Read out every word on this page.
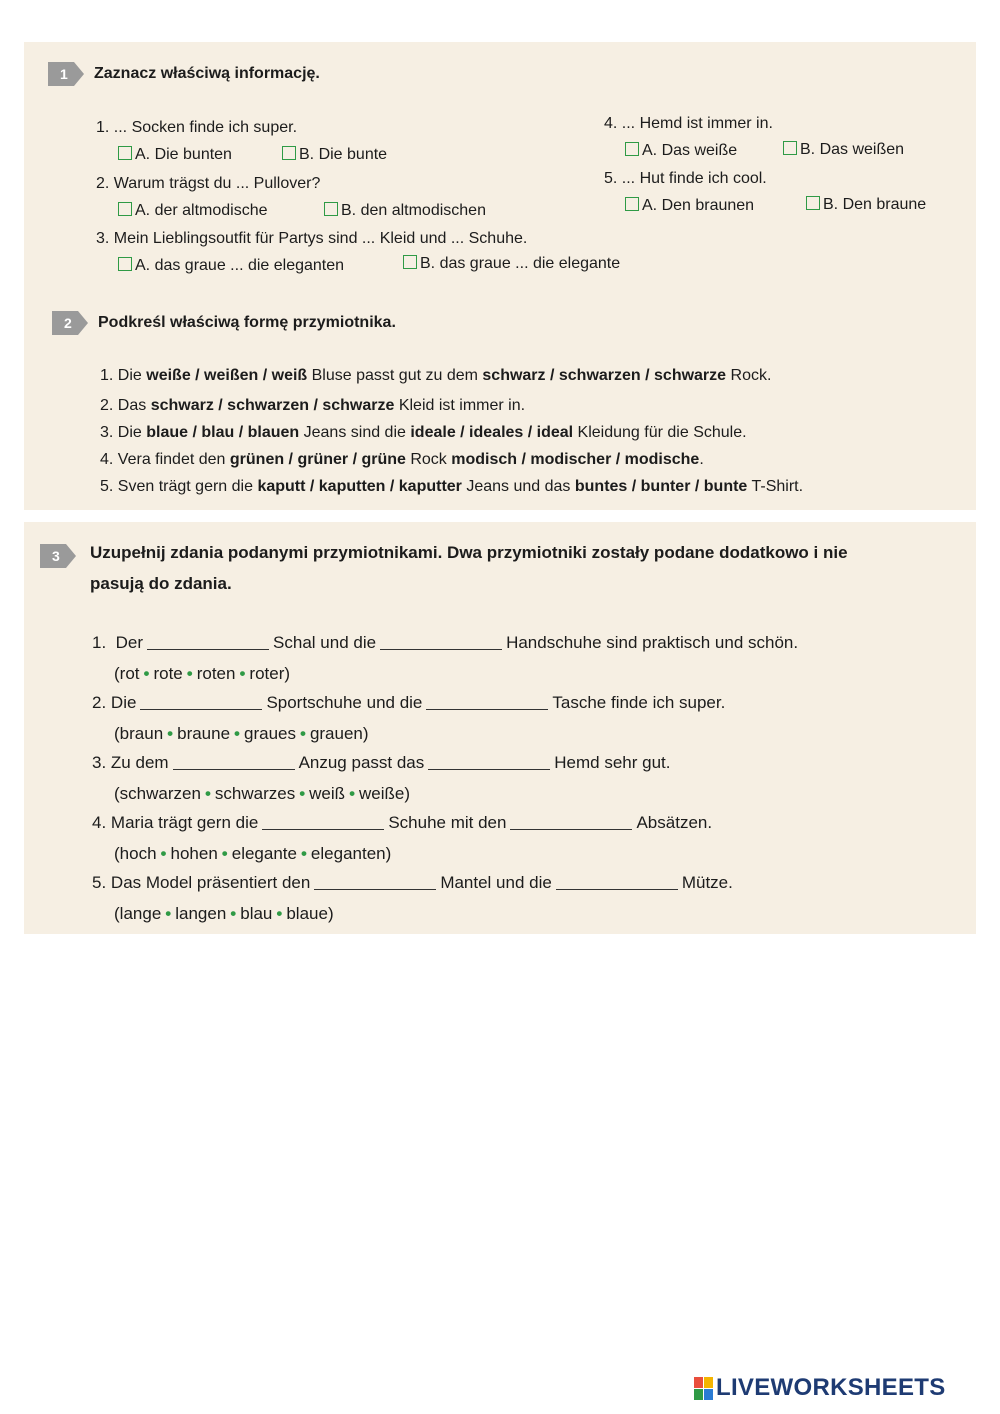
1 Zaznacz właściwą informację.
1. ... Socken finde ich super.
A. Die bunten	B. Die bunte
2. Warum trägst du ... Pullover?
A. der altmodische	B. den altmodischen
3. Mein Lieblingsoutfit für Partys sind ... Kleid und ... Schuhe.
A. das graue ... die eleganten	B. das graue ... die elegante
4. ... Hemd ist immer in.
A. Das weiße	B. Das weißen
5. ... Hut finde ich cool.
A. Den braunen	B. Den braune
2 Podkreśl właściwą formę przymiotnika.
1. Die weiße / weißen / weiß Bluse passt gut zu dem schwarz / schwarzen / schwarze Rock.
2. Das schwarz / schwarzen / schwarze Kleid ist immer in.
3. Die blaue / blau / blauen Jeans sind die ideale / ideales / ideal Kleidung für die Schule.
4. Vera findet den grünen / grüner / grüne Rock modisch / modischer / modische.
5. Sven trägt gern die kaputt / kaputten / kaputter Jeans und das buntes / bunter / bunte T-Shirt.
3 Uzupełnij zdania podanymi przymiotnikami. Dwa przymiotniki zostały podane dodatkowo i nie
pasują do zdania.
1. Der	Schal und die	Handschuhe sind praktisch und schön.
(rot • rote • roten • roter)
2. Die	Sportschuhe und die	Tasche finde ich super.
(braun • braune • graues • grauen)
3. Zu dem	Anzug passt das	Hemd sehr gut.
(schwarzen • schwarzes • weiß • weiße)
4. Maria trägt gern die	Schuhe mit den	Absätzen.
(hoch • hohen • elegante • eleganten)
5. Das Model präsentiert den	Mantel und die	Mütze.
(lange • langen • blau • blaue)
LIVEWORKSHEETS
